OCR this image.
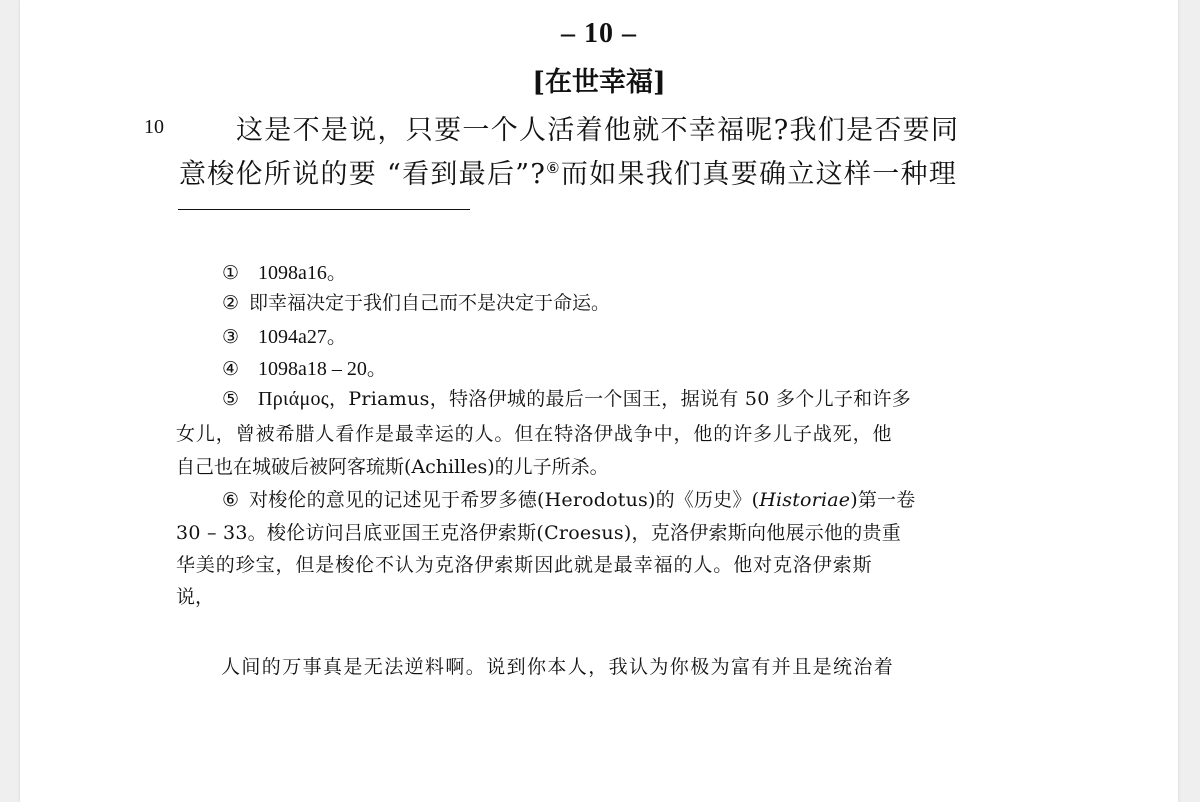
– 10 –
[在世幸福]
10	这是不是说，只要一个人活着他就不幸福呢?我们是否要同
意梭伦所说的要 “看到最后”?⑥而如果我们真要确立这样一种理
① 1098a16。
② 即幸福决定于我们自己而不是决定于命运。
③ 1094a27。
④ 1098a18 – 20。
⑤ Πριάμος，Priamus，特洛伊城的最后一个国王，据说有 50 多个儿子和许多
女儿，曾被希腊人看作是最幸运的人。但在特洛伊战争中，他的许多儿子战死，他
自己也在城破后被阿客琉斯(Achilles)的儿子所杀。
⑥ 对梭伦的意见的记述见于希罗多德(Herodotus)的《历史》(Historiae)第一卷
30 – 33。梭伦访问吕底亚国王克洛伊索斯(Croesus)，克洛伊索斯向他展示他的贵重
华美的珍宝，但是梭伦不认为克洛伊索斯因此就是最幸福的人。他对克洛伊索斯
说，
人间的万事真是无法逆料啊。说到你本人，我认为你极为富有并且是统治着
